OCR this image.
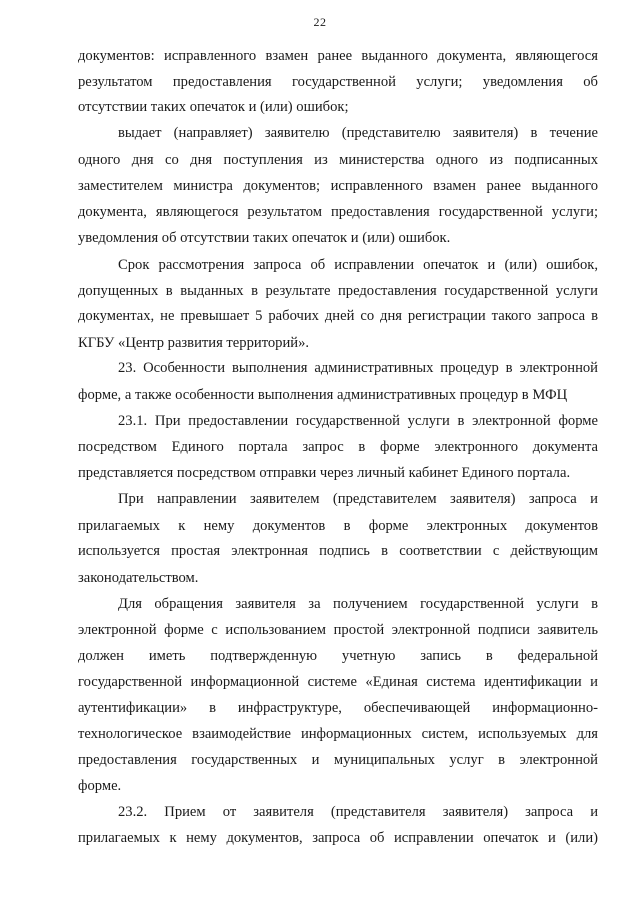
22
документов: исправленного взамен ранее выданного документа, являющегося
результатом предоставления государственной услуги; уведомления об
отсутствии таких опечаток и (или) ошибок;
выдает (направляет) заявителю (представителю заявителя) в течение
одного дня со дня поступления из министерства одного из подписанных
заместителем министра документов; исправленного взамен ранее выданного
документа, являющегося результатом предоставления государственной услуги;
уведомления об отсутствии таких опечаток и (или) ошибок.
Срок рассмотрения запроса об исправлении опечаток и (или) ошибок,
допущенных в выданных в результате предоставления государственной услуги
документах, не превышает 5 рабочих дней со дня регистрации такого запроса в
КГБУ «Центр развития территорий».
23. Особенности выполнения административных процедур в электронной
форме, а также особенности выполнения административных процедур в МФЦ
23.1. При предоставлении государственной услуги в электронной форме
посредством Единого портала запрос в форме электронного документа
представляется посредством отправки через личный кабинет Единого портала.
При направлении заявителем (представителем заявителя) запроса и
прилагаемых к нему документов в форме электронных документов
используется простая электронная подпись в соответствии с действующим
законодательством.
Для обращения заявителя за получением государственной услуги в
электронной форме с использованием простой электронной подписи заявитель
должен иметь подтвержденную учетную запись в федеральной
государственной информационной системе «Единая система идентификации и
аутентификации» в инфраструктуре, обеспечивающей информационно-
технологическое взаимодействие информационных систем, используемых для
предоставления государственных и муниципальных услуг в электронной
форме.
23.2. Прием от заявителя (представителя заявителя) запроса и
прилагаемых к нему документов, запроса об исправлении опечаток и (или)
